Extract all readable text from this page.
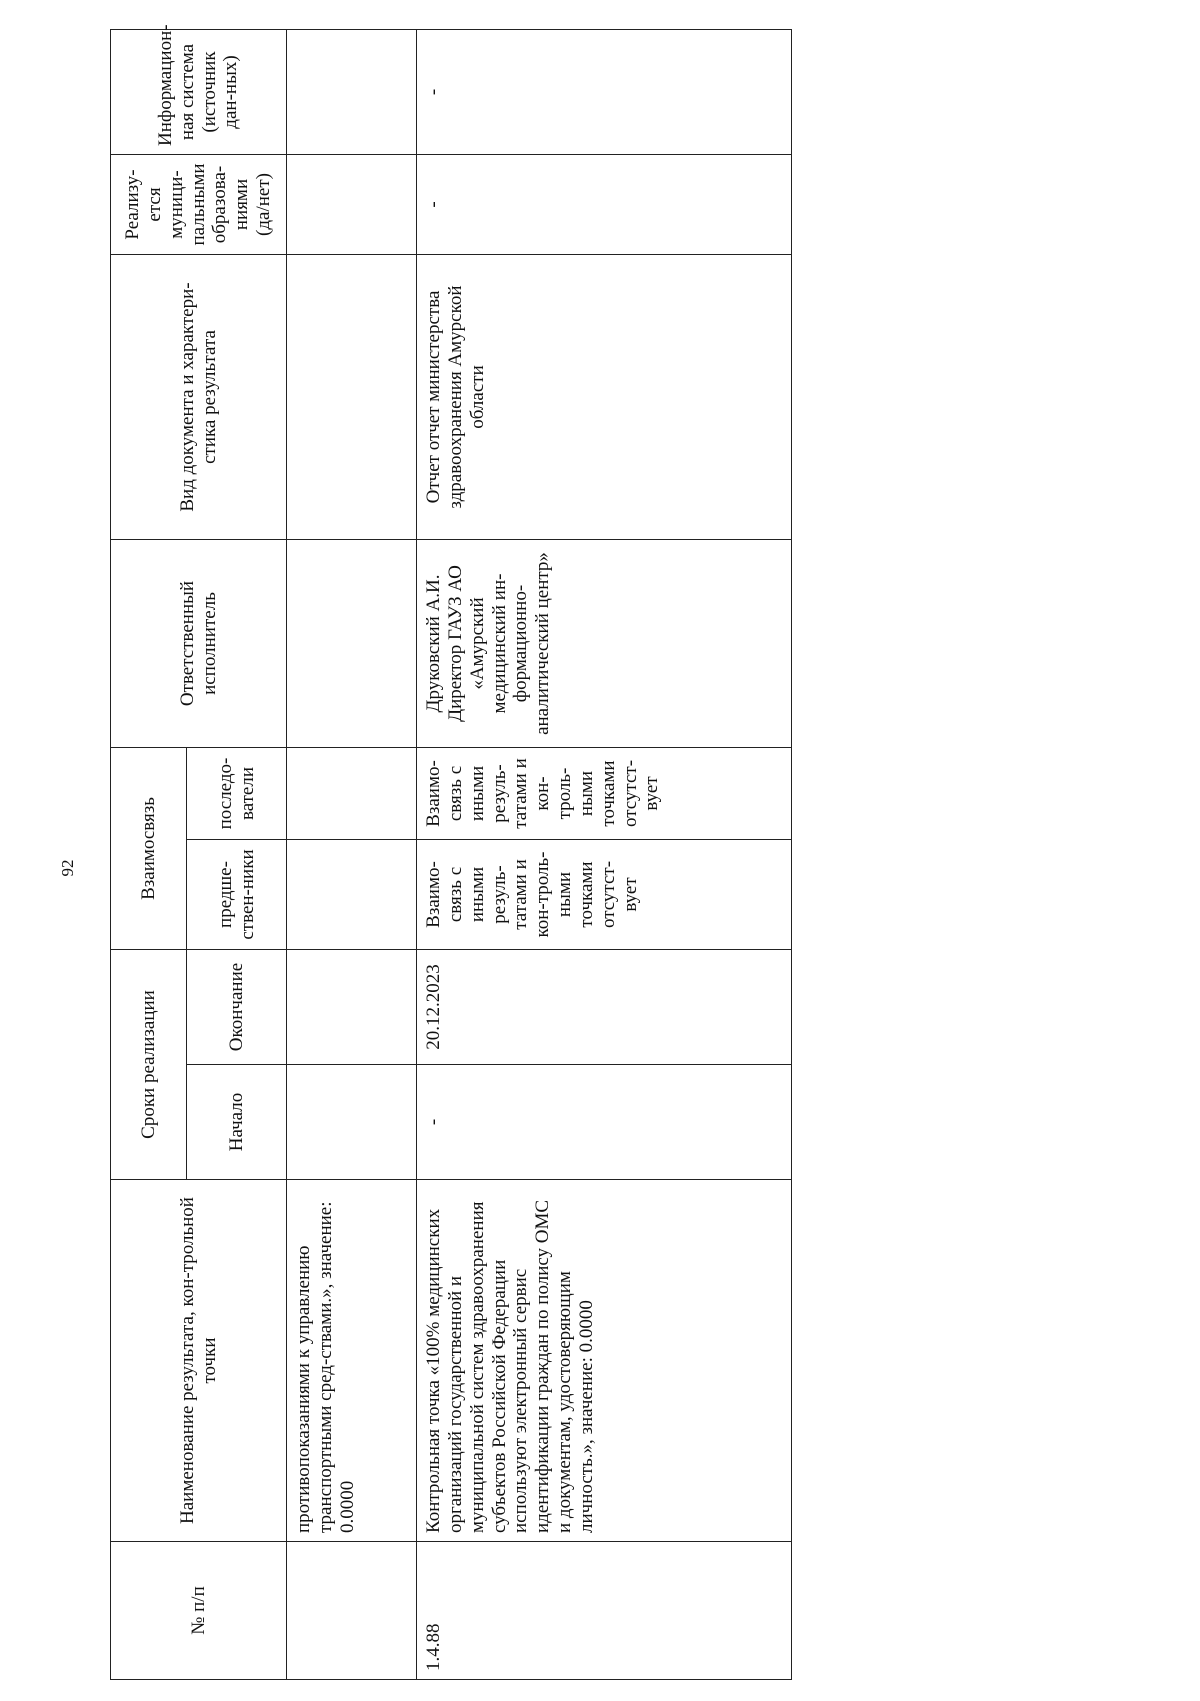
92
№ п/п	Наименование результата, кон-трольной точки	Сроки реализации		Взаимосвязь		Ответственный исполнитель	Вид документа и характери-стика результата	Реализу-ется муници-пальными образова-ниями (да/нет)	Информацион-ная система (источник дан-ных)
		Начало	Окончание	предше-ствен-ники	последо-ватели				
	противопоказаниями к управлению транспортными сред-ствами.», значение: 0.0000								
1.4.88	Контрольная точка «100% медицинских организаций государственной и муниципальной систем здравоохранения субъектов Российской Федерации используют электронный сервис идентификации граждан по полису ОМС и документам, удостоверяющим личность.», значение: 0.0000	-	20.12.2023	Взаимо-связь с иными резуль-татами и кон-троль-ными точками отсутст-вует	Взаимо-связь с иными резуль-татами и кон-троль-ными точками отсутст-вует	Друковский А.И. Директор ГАУЗ АО «Амурский медицинский ин-формационно-аналитический центр»	Отчет отчет министерства здравоохранения Амурской области	-	-
